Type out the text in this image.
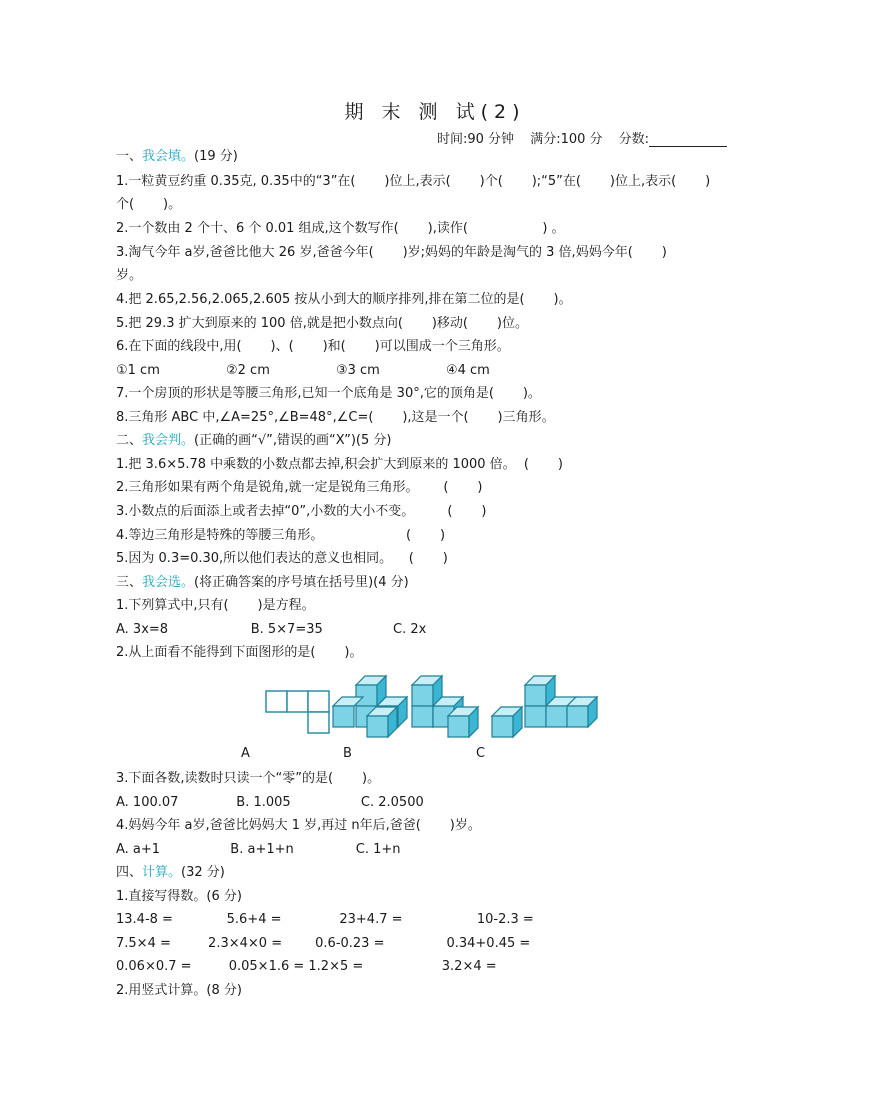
期 末 测 试(2)
时间:90 分钟 满分:100 分 分数:
一、我会填。(19 分)
1.一粒黄豆约重 0.35克, 0.35中的“3”在(       )位上,表示(       )个(       );“5”在(       )位上,表示(       )
个(       )。
2.一个数由 2 个十、6 个 0.01 组成,这个数写作(       ),读作(                  ) 。
3.淘气今年 a岁,爸爸比他大 26 岁,爸爸今年(       )岁;妈妈的年龄是淘气的 3 倍,妈妈今年(       )
岁。
4.把 2.65,2.56,2.065,2.605 按从小到大的顺序排列,排在第二位的是(       )。
5.把 29.3 扩大到原来的 100 倍,就是把小数点向(       )移动(       )位。
6.在下面的线段中,用(       )、(       )和(       )可以围成一个三角形。
①1 cm                ②2 cm                ③3 cm                ④4 cm
7.一个房顶的形状是等腰三角形,已知一个底角是 30°,它的顶角是(       )。
8.三角形 ABC 中,∠A=25°,∠B=48°,∠C=(       ),这是一个(       )三角形。
二、我会判。(正确的画“√”,错误的画“X”)(5 分)
1.把 3.6×5.78 中乘数的小数点都去掉,积会扩大到原来的 1000 倍。  (       )
2.三角形如果有两个角是锐角,就一定是锐角三角形。      (       )
3.小数点的后面添上或者去掉“0”,小数的大小不变。        (       )
4.等边三角形是特殊的等腰三角形。                    (       )
5.因为 0.3=0.30,所以他们表达的意义也相同。    (       )
三、我会选。(将正确答案的序号填在括号里)(4 分)
1.下列算式中,只有(       )是方程。
A. 3x=8                    B. 5×7=35                 C. 2x
2.从上面看不能得到下面图形的是(       )。
A	B	C
3.下面各数,读数时只读一个“零”的是(       )。
A. 100.07              B. 1.005                 C. 2.0500
4.妈妈今年 a岁,爸爸比妈妈大 1 岁,再过 n年后,爸爸(       )岁。
A. a+1                 B. a+1+n               C. 1+n
四、计算。(32 分)
1.直接写得数。(6 分)
13.4-8 =             5.6+4 =              23+4.7 =                  10-2.3 =
7.5×4 =         2.3×4×0 =        0.6-0.23 =               0.34+0.45 =
0.06×0.7 =         0.05×1.6 = 1.2×5 =                   3.2×4 =
2.用竖式计算。(8 分)
